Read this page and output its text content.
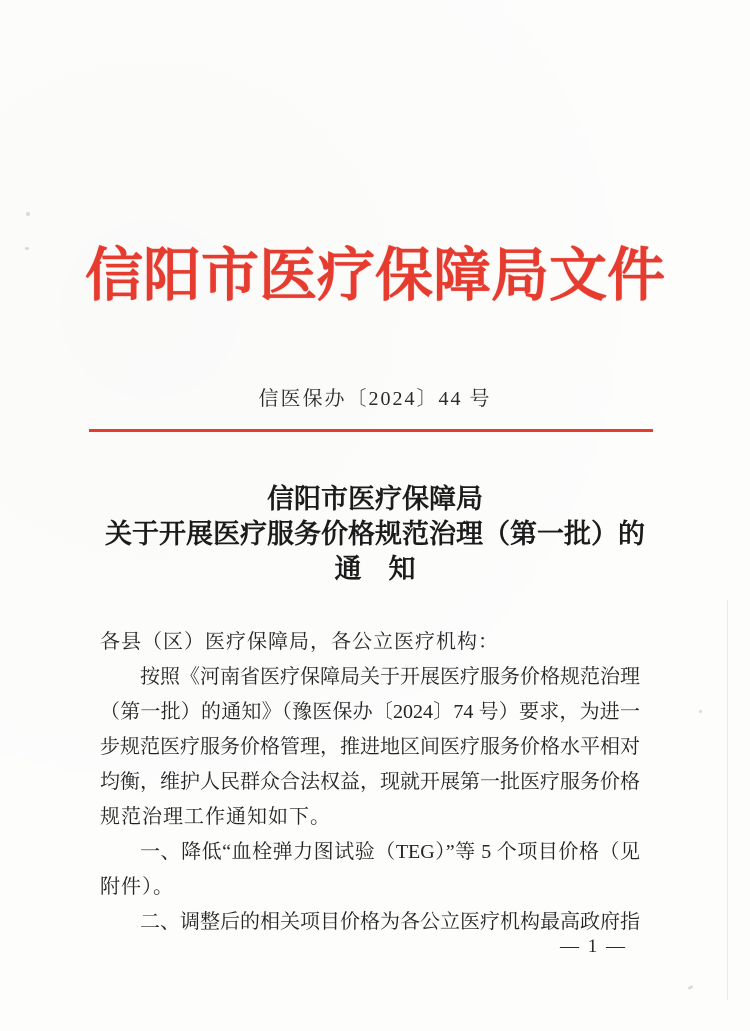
信阳市医疗保障局文件
信医保办〔2024〕44 号
信阳市医疗保障局
关于开展医疗服务价格规范治理（第一批）的
通　知
各县（区）医疗保障局，各公立医疗机构：
按照《河南省医疗保障局关于开展医疗服务价格规范治理
（第一批）的通知》（豫医保办〔2024〕74 号）要求，为进一
步规范医疗服务价格管理，推进地区间医疗服务价格水平相对
均衡，维护人民群众合法权益，现就开展第一批医疗服务价格
规范治理工作通知如下。
一、降低“血栓弹力图试验（TEG）”等 5 个项目价格（见
附件）。
二、调整后的相关项目价格为各公立医疗机构最高政府指
— 1 —
